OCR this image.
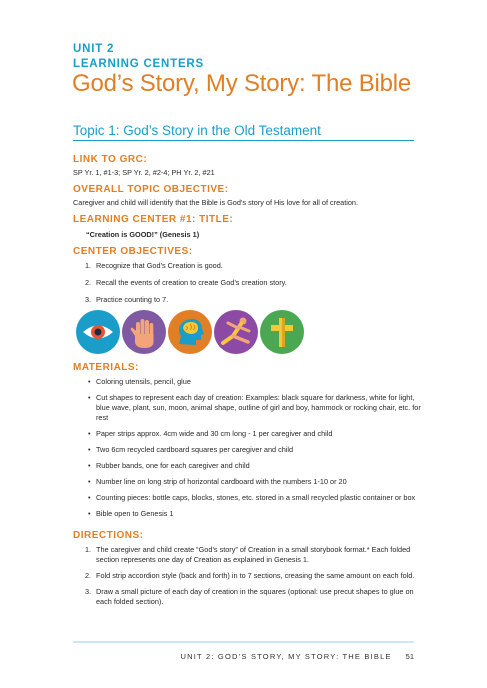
UNIT 2
LEARNING CENTERS
God’s Story, My Story: The Bible
Topic 1: God’s Story in the Old Testament
LINK TO GRC:
SP Yr. 1, #1-3; SP Yr. 2, #2-4; PH Yr. 2, #21
OVERALL TOPIC OBJECTIVE:
Caregiver and child will identify that the Bible is God’s story of His love for all of creation.
LEARNING CENTER #1: TITLE:
“Creation is GOOD!” (Genesis 1)
CENTER OBJECTIVES:
1. Recognize that God’s Creation is good.
2. Recall the events of creation to create God’s creation story.
3. Practice counting to 7.
MATERIALS:
• Coloring utensils, pencil, glue
• Cut shapes to represent each day of creation: Examples: black square for darkness, white for light, blue wave, plant, sun, moon, animal shape, outline of girl and boy, hammock or rocking chair, etc. for rest
• Paper strips approx. 4cm wide and 30 cm long - 1 per caregiver and child
• Two 6cm recycled cardboard squares per caregiver and child
• Rubber bands, one for each caregiver and child
• Number line on long strip of horizontal cardboard with the numbers 1-10 or 20
• Counting pieces: bottle caps, blocks, stones, etc. stored in a small recycled plastic container or box
• Bible open to Genesis 1
DIRECTIONS:
1. The caregiver and child create “God’s story” of Creation in a small storybook format.* Each folded section represents one day of Creation as explained in Genesis 1.
2. Fold strip accordion style (back and forth) in to 7 sections, creasing the same amount on each fold.
3. Draw a small picture of each day of creation in the squares (optional: use precut shapes to glue on each folded section).
UNIT 2: GOD’S STORY, MY STORY: THE BIBLE 51
